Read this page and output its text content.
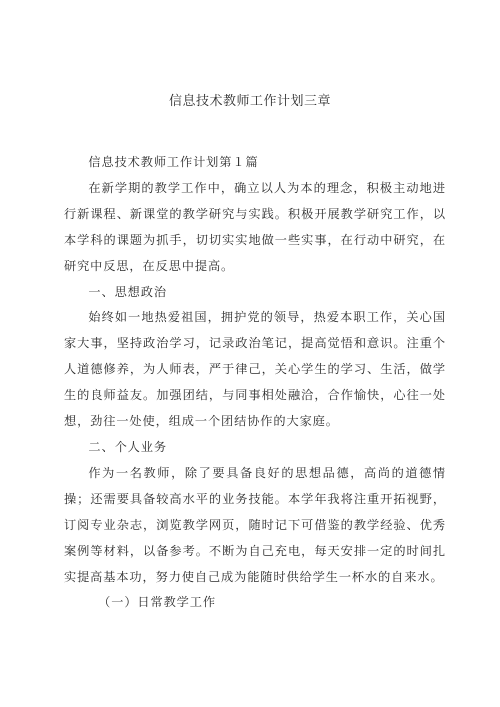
信息技术教师工作计划三章

信息技术教师工作计划第１篇

在新学期的教学工作中，确立以人为本的理念，积极主动地进行新课程、新课堂的教学研究与实践。积极开展教学研究工作，以本学科的课题为抓手，切切实实地做一些实事，在行动中研究，在研究中反思，在反思中提高。

一、思想政治

始终如一地热爱祖国，拥护党的领导，热爱本职工作，关心国家大事，坚持政治学习，记录政治笔记，提高觉悟和意识。注重个人道德修养，为人师表，严于律己，关心学生的学习、生活，做学生的良师益友。加强团结，与同事相处融洽，合作愉快，心往一处想，劲往一处使，组成一个团结协作的大家庭。

二、个人业务

作为一名教师，除了要具备良好的思想品德，高尚的道德情操；还需要具备较高水平的业务技能。本学年我将注重开拓视野，订阅专业杂志，浏览教学网页，随时记下可借鉴的教学经验、优秀案例等材料，以备参考。不断为自己充电，每天安排一定的时间扎实提高基本功，努力使自己成为能随时供给学生一杯水的自来水。

（一）日常教学工作
